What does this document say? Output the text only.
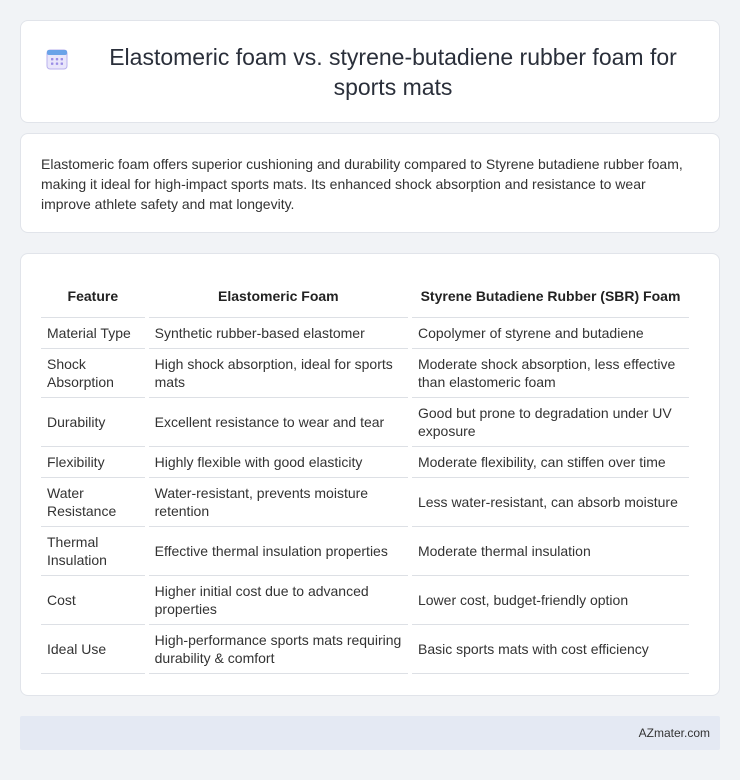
Elastomeric foam vs. styrene-butadiene rubber foam for sports mats

Elastomeric foam offers superior cushioning and durability compared to Styrene butadiene rubber foam, making it ideal for high-impact sports mats. Its enhanced shock absorption and resistance to wear improve athlete safety and mat longevity.

Feature	Elastomeric Foam	Styrene Butadiene Rubber (SBR) Foam
Material Type	Synthetic rubber-based elastomer	Copolymer of styrene and butadiene
Shock Absorption	High shock absorption, ideal for sports mats	Moderate shock absorption, less effective than elastomeric foam
Durability	Excellent resistance to wear and tear	Good but prone to degradation under UV exposure
Flexibility	Highly flexible with good elasticity	Moderate flexibility, can stiffen over time
Water Resistance	Water-resistant, prevents moisture retention	Less water-resistant, can absorb moisture
Thermal Insulation	Effective thermal insulation properties	Moderate thermal insulation
Cost	Higher initial cost due to advanced properties	Lower cost, budget-friendly option
Ideal Use	High-performance sports mats requiring durability & comfort	Basic sports mats with cost efficiency
AZmater.com
